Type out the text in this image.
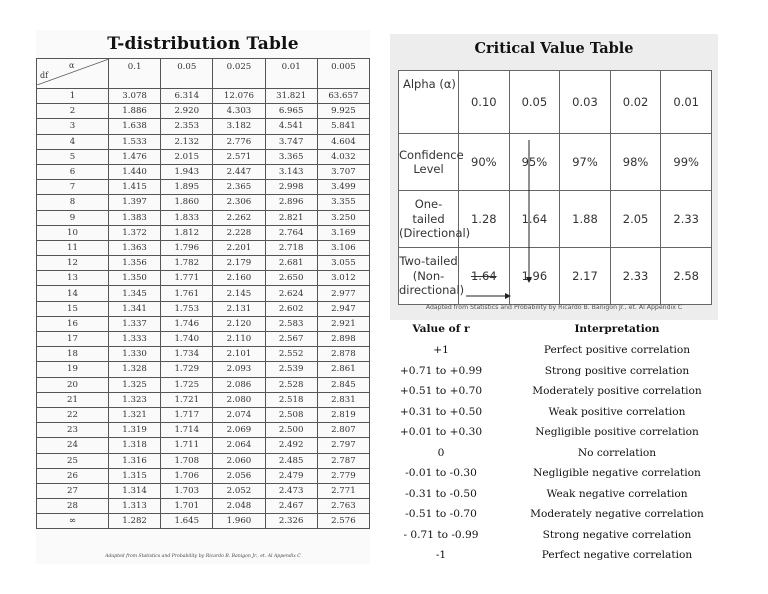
T-distribution Table
α
df	0.1	0.05	0.025	0.01	0.005
1	3.078	6.314	12.076	31.821	63.657
2	1.886	2.920	4.303	6.965	9.925
3	1.638	2.353	3.182	4.541	5.841
4	1.533	2.132	2.776	3.747	4.604
5	1.476	2.015	2.571	3.365	4.032
6	1.440	1.943	2.447	3.143	3.707
7	1.415	1.895	2.365	2.998	3.499
8	1.397	1.860	2.306	2.896	3.355
9	1.383	1.833	2.262	2.821	3.250
10	1.372	1.812	2.228	2.764	3.169
11	1.363	1.796	2.201	2.718	3.106
12	1.356	1.782	2.179	2.681	3.055
13	1.350	1.771	2.160	2.650	3.012
14	1.345	1.761	2.145	2.624	2.977
15	1.341	1.753	2.131	2.602	2.947
16	1.337	1.746	2.120	2.583	2.921
17	1.333	1.740	2.110	2.567	2.898
18	1.330	1.734	2.101	2.552	2.878
19	1.328	1.729	2.093	2.539	2.861
20	1.325	1.725	2.086	2.528	2.845
21	1.323	1.721	2.080	2.518	2.831
22	1.321	1.717	2.074	2.508	2.819
23	1.319	1.714	2.069	2.500	2.807
24	1.318	1.711	2.064	2.492	2.797
25	1.316	1.708	2.060	2.485	2.787
26	1.315	1.706	2.056	2.479	2.779
27	1.314	1.703	2.052	2.473	2.771
28	1.313	1.701	2.048	2.467	2.763
∞	1.282	1.645	1.960	2.326	2.576
Adapted from Statistics and Probability by Ricardo B. Banigon Jr., et. Al Appendix C
Critical Value Table
Alpha (α)	0.10	0.05	0.03	0.02	0.01
Confidence Level	90%	95%	97%	98%	99%
One-tailed (Directional)	1.28	1.64	1.88	2.05	2.33
Two-tailed (Non-directional)	1.64	1.96	2.17	2.33	2.58
Adapted from Statistics and Probability by Ricardo B. Banigon Jr., et. Al Appendix C
Value of r	Interpretation
+1	Perfect positive correlation
+0.71 to +0.99	Strong positive correlation
+0.51 to +0.70	Moderately positive correlation
+0.31 to +0.50	Weak positive correlation
+0.01 to +0.30	Negligible positive correlation
0	No correlation
-0.01 to -0.30	Negligible negative correlation
-0.31 to -0.50	Weak negative correlation
-0.51 to -0.70	Moderately negative correlation
- 0.71 to -0.99	Strong negative correlation
-1	Perfect negative correlation
